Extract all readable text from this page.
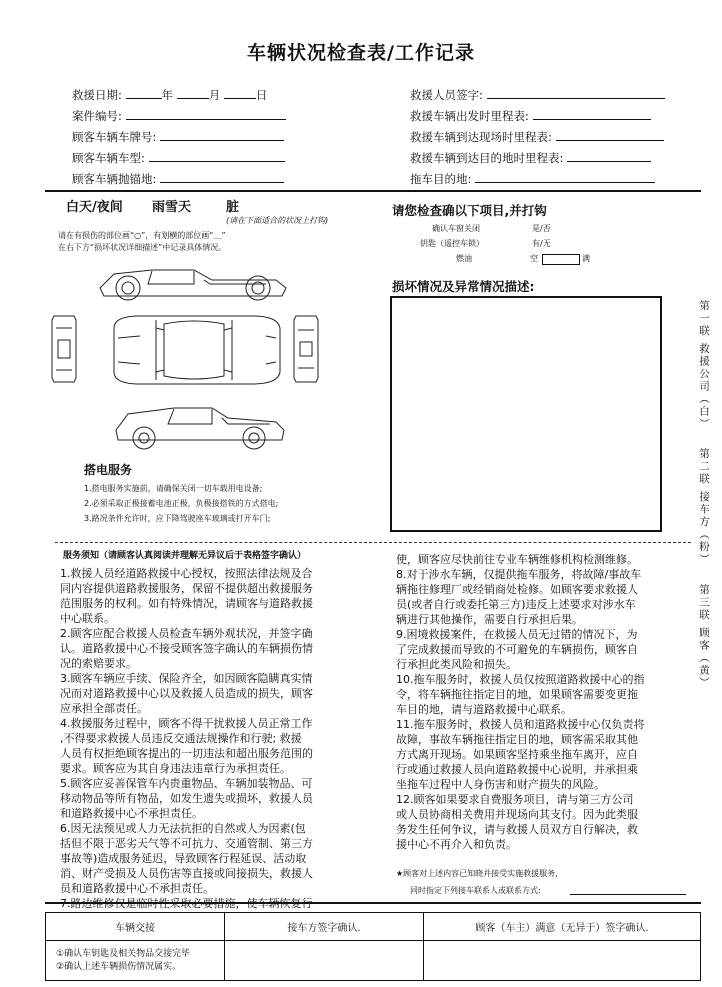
车辆状况检查表/工作记录
救援日期:	年	月	日
案件编号:
顾客车辆车牌号:
顾客车辆车型:
顾客车辆抛锚地:
救援人员签字:
救援车辆出发时里程表:
救援车辆到达现场时里程表:
救援车辆到达目的地时里程表:
拖车目的地:
白天/夜间 雨雪天	脏
(请在下面适合的状况上打钩)
请在有损伤的部位画“○”，有划横的部位画“＿”
在右下方“损坏状况详细描述”中记录具体情况。
搭电服务
1.搭电服务实施前，请确保关闭一切车载用电设备;
2.必须采取正极接蓄电池正极，负极接搭铁的方式搭电;
3.路况条件允许时，应下降驾驶座车玻璃或打开车门;
请您检查确以下项目,并打钩
确认车窗关闭	是/否
钥匙（遥控车锁）	有/无
燃油	空	满
损坏情况及异常情况描述:
第一联 救援公司（白）
第二联 接车方（粉）
第三联 顾客（黄）
服务须知（请顾客认真阅读并理解无异议后于表格签字确认）
1.救援人员经道路救援中心授权，按照法律法规及合
同内容提供道路救援服务，保留不提供超出救援服务
范围服务的权利。如有特殊情况，请顾客与道路救援
中心联系。
2.顾客应配合救援人员检查车辆外观状况，并签字确
认。道路救援中心不接受顾客签字确认的车辆损伤情
况的索赔要求。
3.顾客车辆应手续、保险齐全，如因顾客隐瞒真实情
况而对道路救援中心以及救援人员造成的损失，顾客
应承担全部责任。
4.救援服务过程中，顾客不得干扰救援人员正常工作
,不得要求救援人员违反交通法规操作和行驶; 救援
人员有权拒绝顾客提出的一切违法和超出服务范围的
要求。顾客应为其自身违法违章行为承担责任。
5.顾客应妥善保管车内贵重物品、车辆加装物品、可
移动物品等所有物品，如发生遗失或损坏，救援人员
和道路救援中心不承担责任。
6.因无法预见或人力无法抗拒的自然或人为因素(包
括但不限于恶劣天气等不可抗力、交通管制、第三方
事故等)造成服务延迟，导致顾客行程延误、活动取
消、财产受损及人员伤害等直接或间接损失，救援人
员和道路救援中心不承担责任。
7.路边维修仅是临时性采取必要措施，使车辆恢复行
使，顾客应尽快前往专业车辆维修机构检测维修。
8.对于涉水车辆，仅提供拖车服务，将故障/事故车
辆拖往修理厂或经销商处检修。如顾客要求救援人
员(或者自行或委托第三方)违反上述要求对涉水车
辆进行其他操作，需要自行承担后果。
9.困境救援案件，在救援人员无过错的情况下，为
了完成救援而导致的不可避免的车辆损伤，顾客自
行承担此类风险和损失。
10.拖车服务时，救援人员仅按照道路救援中心的指
令，将车辆拖往指定目的地，如果顾客需要变更拖
车目的地，请与道路救援中心联系。
11.拖车服务时，救援人员和道路救援中心仅负责将
故障，事故车辆拖往指定目的地，顾客需采取其他
方式离开现场。如果顾客坚持乘坐拖车离开，应自
行或通过救援人员向道路救援中心说明，并承担乘
坐拖车过程中人身伤害和财产损失的风险。
12.顾客如果要求自费服务项目，请与第三方公司
或人员协商相关费用并现场向其支付。因为此类服
务发生任何争议，请与救援人员双方自行解决，救
援中心不再介入和负责。
★顾客对上述内容已知晓并接受实施救援服务,
同时指定下列接车联系人或联系方式:
车辆交接	接车方签字确认.	顾客（车主）满意（无异于）签字确认.

①确认车钥匙及相关物品交接完毕
②确认上述车辆损伤情况属实。		
